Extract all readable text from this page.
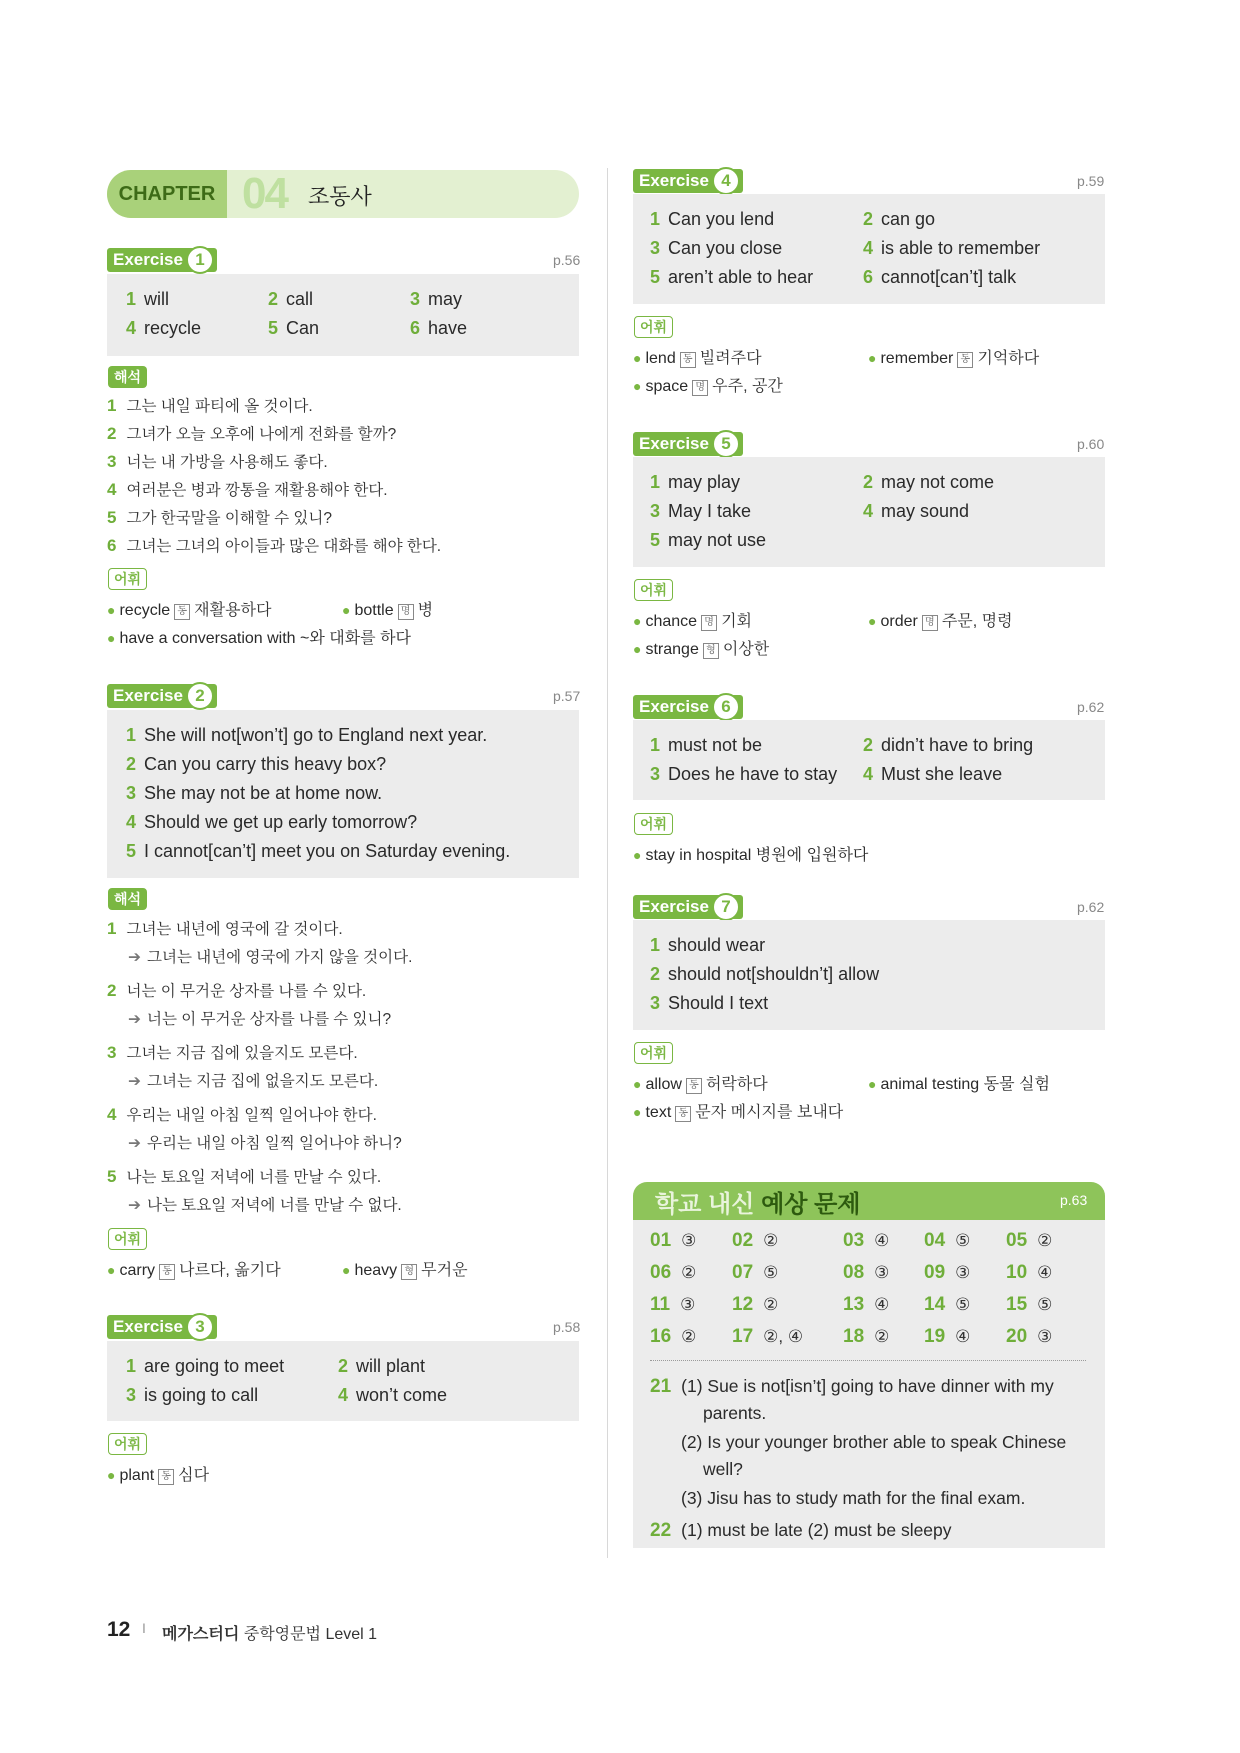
CHAPTER 04 조동사
Exercise 1	p.56
1 will	2 call	3 may
4 recycle	5 Can	6 have
해석
1 그는 내일 파티에 올 것이다.
2 그녀가 오늘 오후에 나에게 전화를 할까?
3 너는 내 가방을 사용해도 좋다.
4 여러분은 병과 깡통을 재활용해야 한다.
5 그가 한국말을 이해할 수 있니?
6 그녀는 그녀의 아이들과 많은 대화를 해야 한다.
어휘
● recycle 동 재활용하다	● bottle 명 병
● have a conversation with ~와 대화를 하다
Exercise 2	p.57
1 She will not[won’t] go to England next year.
2 Can you carry this heavy box?
3 She may not be at home now.
4 Should we get up early tomorrow?
5 I cannot[can’t] meet you on Saturday evening.
해석
1 그녀는 내년에 영국에 갈 것이다.
➔ 그녀는 내년에 영국에 가지 않을 것이다.
2 너는 이 무거운 상자를 나를 수 있다.
➔ 너는 이 무거운 상자를 나를 수 있니?
3 그녀는 지금 집에 있을지도 모른다.
➔ 그녀는 지금 집에 없을지도 모른다.
4 우리는 내일 아침 일찍 일어나야 한다.
➔ 우리는 내일 아침 일찍 일어나야 하니?
5 나는 토요일 저녁에 너를 만날 수 있다.
➔ 나는 토요일 저녁에 너를 만날 수 없다.
어휘
● carry 동 나르다, 옮기다	● heavy 형 무거운
Exercise 3	p.58
1 are going to meet	2 will plant
3 is going to call	4 won’t come
어휘
● plant 동 심다
Exercise 4	p.59
1 Can you lend	2 can go
3 Can you close	4 is able to remember
5 aren’t able to hear	6 cannot[can’t] talk
어휘
● lend 동 빌려주다	● remember 동 기억하다
● space 명 우주, 공간
Exercise 5	p.60
1 may play	2 may not come
3 May I take	4 may sound
5 may not use
어휘
● chance 명 기회	● order 명 주문, 명령
● strange 형 이상한
Exercise 6	p.62
1 must not be	2 didn’t have to bring
3 Does he have to stay 4 Must she leave
어휘
● stay in hospital 병원에 입원하다
Exercise 7	p.62
1 should wear
2 should not[shouldn’t] allow
3 Should I text
어휘
● allow 동 허락하다	● animal testing 동물 실험
● text 동 문자 메시지를 보내다
학교 내신 예상 문제	p.63
01 ③ 02 ②	03 ④ 04 ⑤ 05 ②
06 ② 07 ⑤	08 ③ 09 ③ 10 ④
11 ③ 12 ②	13 ④ 14 ⑤ 15 ⑤
16 ② 17 ②, ④ 18 ② 19 ④ 20 ③
21 (1) Sue is not[isn’t] going to have dinner with my
parents.
(2) Is your younger brother able to speak Chinese
well?
(3) Jisu has to study math for the final exam.
22 (1) must be late (2) must be sleepy
12 I 메가스터디 중학영문법 Level 1
